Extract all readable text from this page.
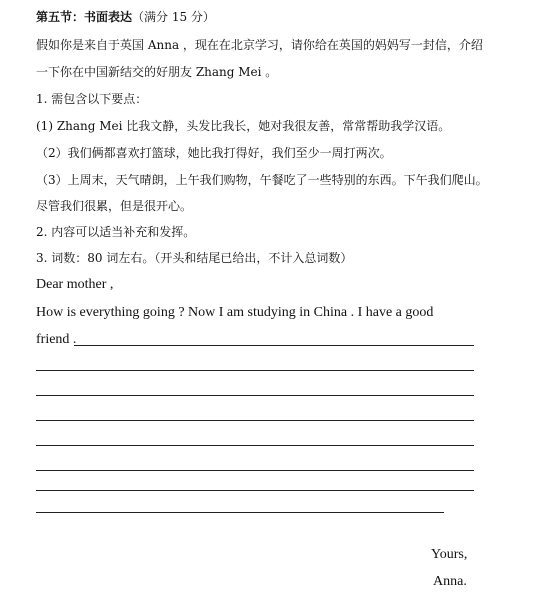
第五节：书面表达（满分 15 分）
假如你是来自于英国 Anna ，现在在北京学习，请你给在英国的妈妈写一封信，介绍
一下你在中国新结交的好朋友 Zhang Mei 。
1. 需包含以下要点：
(1) Zhang Mei 比我文静，头发比我长，她对我很友善，常常帮助我学汉语。
（2）我们俩都喜欢打篮球，她比我打得好，我们至少一周打两次。
（3）上周末，天气晴朗，上午我们购物，午餐吃了一些特别的东西。下午我们爬山。
尽管我们很累，但是很开心。
2. 内容可以适当补充和发挥。
3. 词数：80 词左右。（开头和结尾已给出，不计入总词数）
Dear mother ,
How is everything going ? Now I am studying in China . I have a good
friend .
Yours,
Anna.
